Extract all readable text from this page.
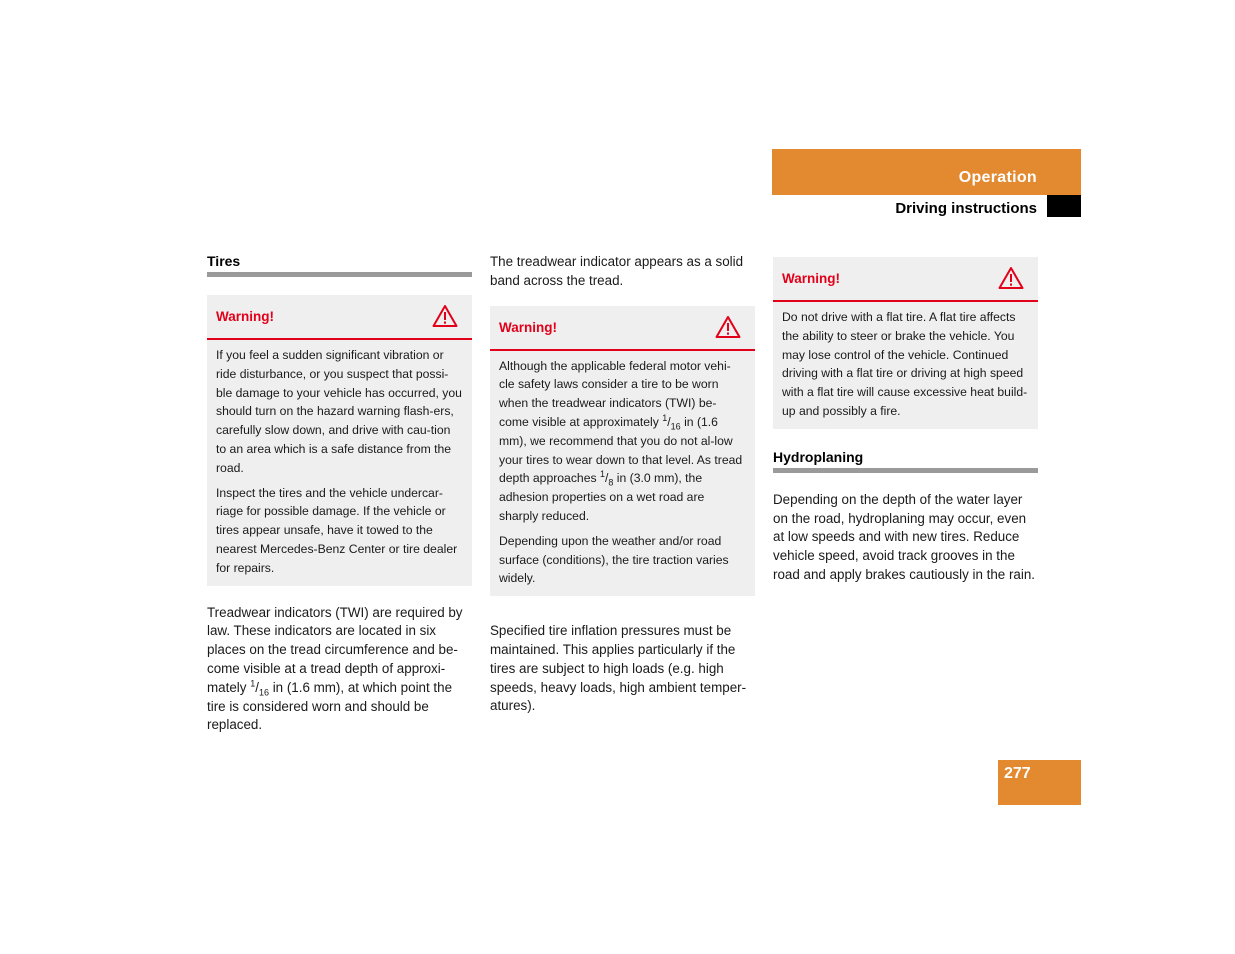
Operation
Driving instructions
Tires
Warning!

If you feel a sudden significant vibration or ride disturbance, or you suspect that possi-ble damage to your vehicle has occurred, you should turn on the hazard warning flash-ers, carefully slow down, and drive with cau-tion to an area which is a safe distance from the road.

Inspect the tires and the vehicle undercar-riage for possible damage. If the vehicle or tires appear unsafe, have it towed to the nearest Mercedes-Benz Center or tire dealer for repairs.

Treadwear indicators (TWI) are required by law. These indicators are located in six places on the tread circumference and be-come visible at a tread depth of approxi-mately $^1/_{16}$ in (1.6 mm), at which point the tire is considered worn and should be replaced.

The treadwear indicator appears as a solid band across the tread.

Warning!

Although the applicable federal motor vehi-cle safety laws consider a tire to be worn when the treadwear indicators (TWI) be-come visible at approximately $^1/_{16}$ in (1.6 mm), we recommend that you do not al-low your tires to wear down to that level. As tread depth approaches $^1/_8$ in (3.0 mm), the adhesion properties on a wet road are sharply reduced.

Depending upon the weather and/or road surface (conditions), the tire traction varies widely.

Specified tire inflation pressures must be maintained. This applies particularly if the tires are subject to high loads (e.g. high speeds, heavy loads, high ambient temper-atures).

Warning!

Do not drive with a flat tire. A flat tire affects the ability to steer or brake the vehicle. You may lose control of the vehicle. Continued driving with a flat tire or driving at high speed with a flat tire will cause excessive heat build-up and possibly a fire.

Hydroplaning

Depending on the depth of the water layer on the road, hydroplaning may occur, even at low speeds and with new tires. Reduce vehicle speed, avoid track grooves in the road and apply brakes cautiously in the rain.

277
